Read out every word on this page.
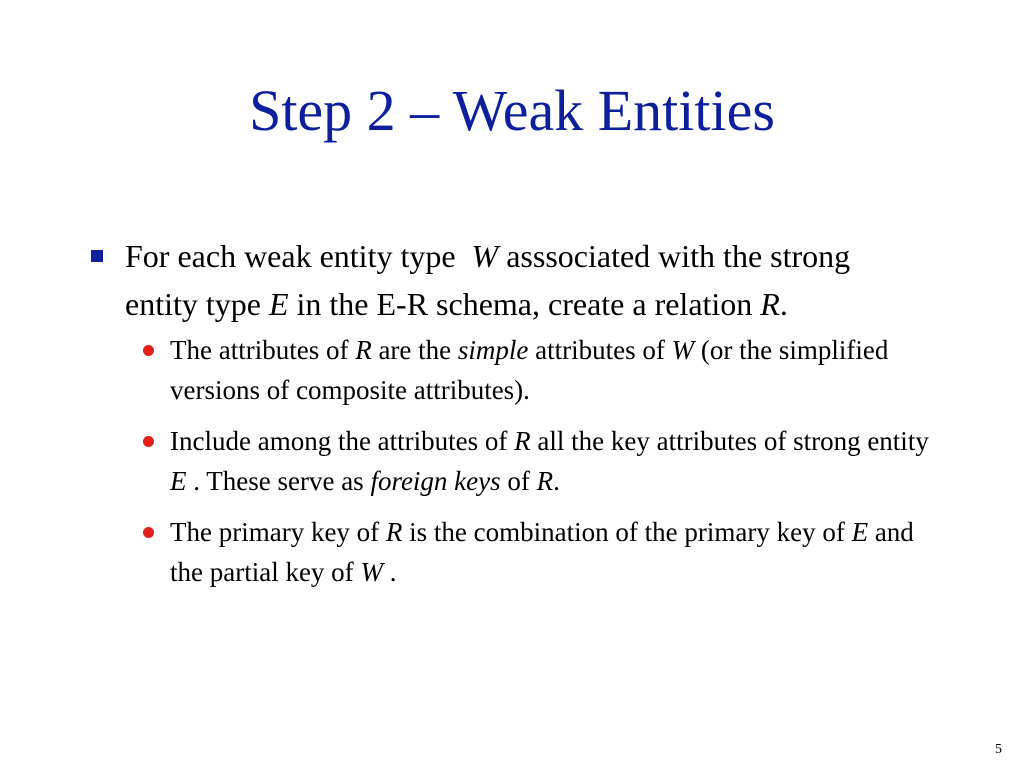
Step 2 – Weak Entities
For each weak entity type  W asssociated with the strong entity type E in the E-R schema, create a relation R.
The attributes of R are the simple attributes of W (or the simplified versions of composite attributes).
Include among the attributes of R all the key attributes of strong entity E . These serve as foreign keys of R.
The primary key of R is the combination of the primary key of E and the partial key of W .
5
